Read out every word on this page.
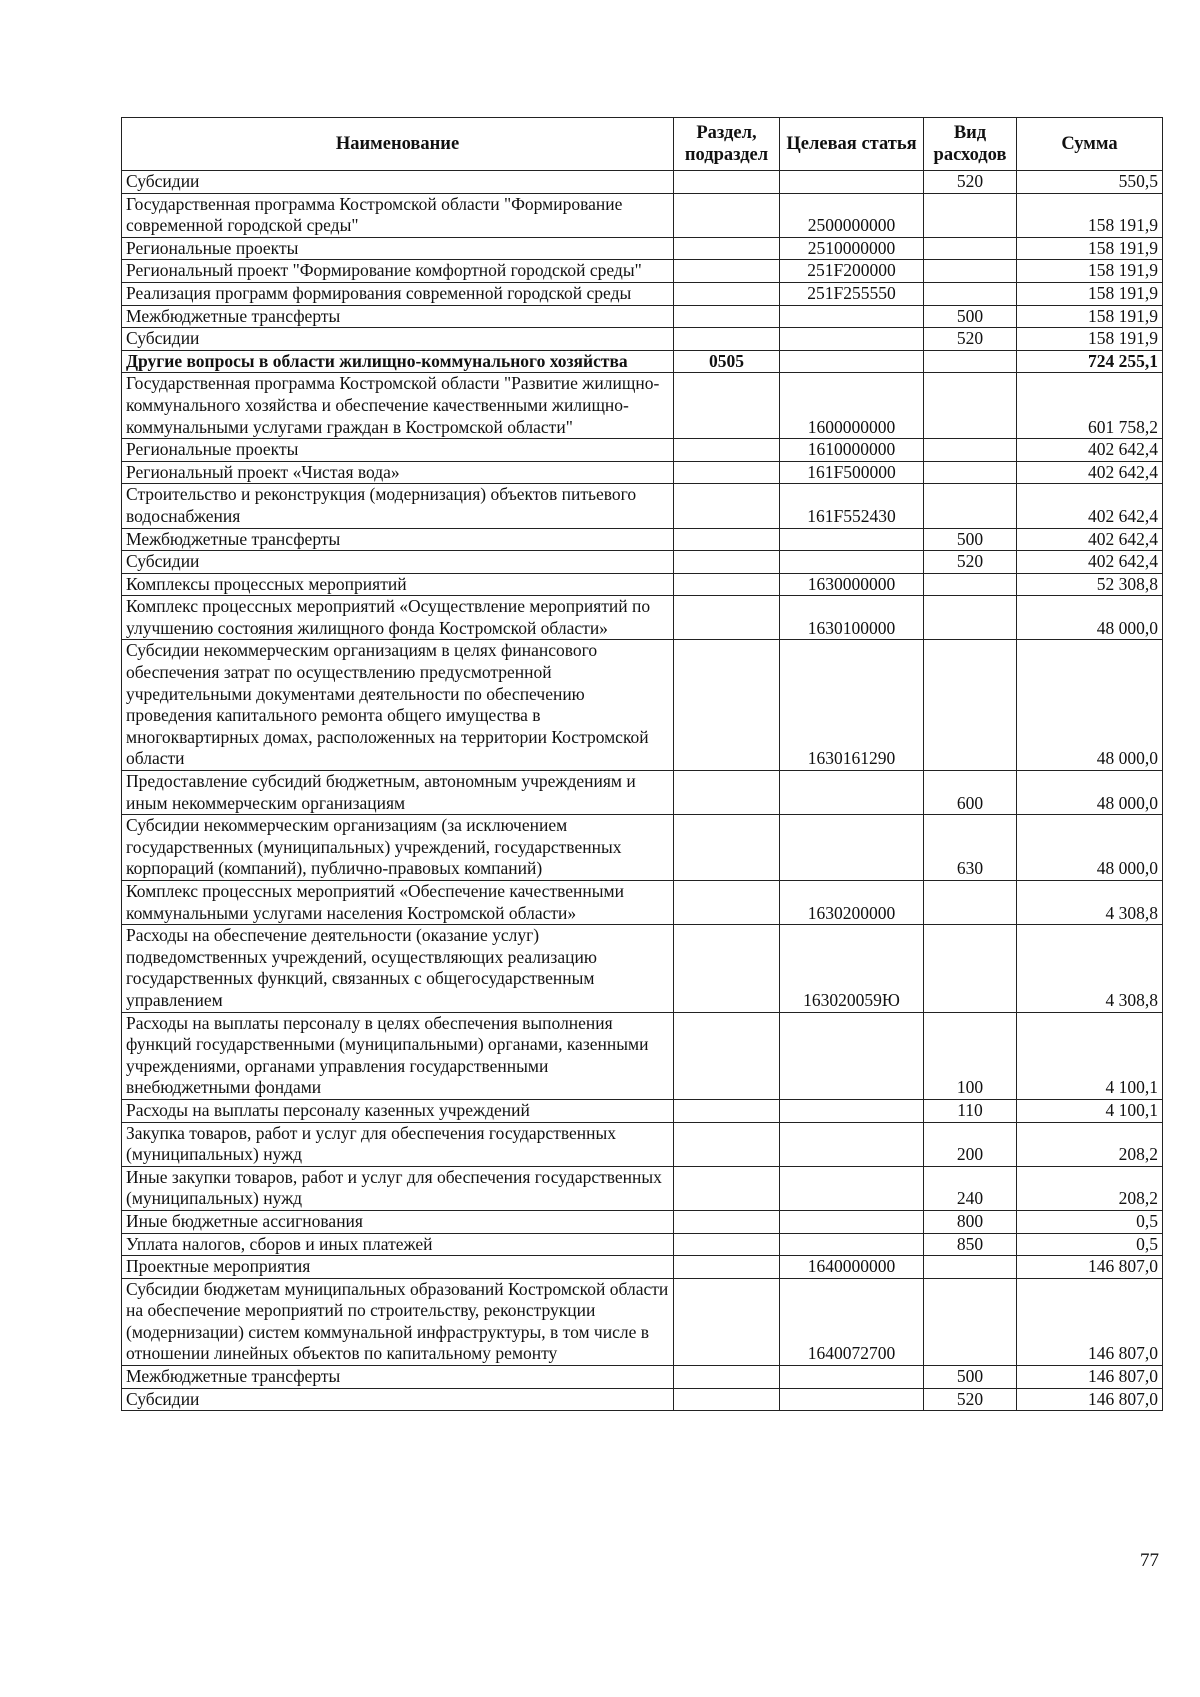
Наименование	Раздел, подраздел	Целевая статья	Вид расходов	Сумма
Субсидии			520	550,5
Государственная программа Костромской области "Формирование современной городской среды"		2500000000		158 191,9
Региональные проекты		2510000000		158 191,9
Региональный проект "Формирование комфортной городской среды"		251F200000		158 191,9
Реализация программ формирования современной городской среды		251F255550		158 191,9
Межбюджетные трансферты			500	158 191,9
Субсидии			520	158 191,9
Другие вопросы в области жилищно-коммунального хозяйства	0505			724 255,1
Государственная программа Костромской области "Развитие жилищно-коммунального хозяйства и обеспечение качественными жилищно-коммунальными услугами граждан в Костромской области"		1600000000		601 758,2
Региональные проекты		1610000000		402 642,4
Региональный проект «Чистая вода»		161F500000		402 642,4
Строительство и реконструкция (модернизация) объектов питьевого водоснабжения		161F552430		402 642,4
Межбюджетные трансферты			500	402 642,4
Субсидии			520	402 642,4
Комплексы процессных мероприятий		1630000000		52 308,8
Комплекс процессных мероприятий «Осуществление мероприятий по улучшению состояния жилищного фонда Костромской области»		1630100000		48 000,0
Субсидии некоммерческим организациям в целях финансового обеспечения затрат по осуществлению предусмотренной учредительными документами деятельности по обеспечению проведения капитального ремонта общего имущества в многоквартирных домах, расположенных на территории Костромской области		1630161290		48 000,0
Предоставление субсидий бюджетным, автономным учреждениям и иным некоммерческим организациям			600	48 000,0
Субсидии некоммерческим организациям (за исключением государственных (муниципальных) учреждений, государственных корпораций (компаний), публично-правовых компаний)			630	48 000,0
Комплекс процессных мероприятий «Обеспечение качественными коммунальными услугами населения Костромской области»		1630200000		4 308,8
Расходы на обеспечение деятельности (оказание услуг) подведомственных учреждений, осуществляющих реализацию государственных функций, связанных с общегосударственным управлением		163020059Ю		4 308,8
Расходы на выплаты персоналу в целях обеспечения выполнения функций государственными (муниципальными) органами, казенными учреждениями, органами управления государственными внебюджетными фондами			100	4 100,1
Расходы на выплаты персоналу казенных учреждений			110	4 100,1
Закупка товаров, работ и услуг для обеспечения государственных (муниципальных) нужд			200	208,2
Иные закупки товаров, работ и услуг для обеспечения государственных (муниципальных) нужд			240	208,2
Иные бюджетные ассигнования			800	0,5
Уплата налогов, сборов и иных платежей			850	0,5
Проектные мероприятия		1640000000		146 807,0
Субсидии бюджетам муниципальных образований Костромской области на обеспечение мероприятий по строительству, реконструкции (модернизации) систем коммунальной инфраструктуры, в том числе в отношении линейных объектов по капитальному ремонту		1640072700		146 807,0
Межбюджетные трансферты			500	146 807,0
Субсидии			520	146 807,0
77
